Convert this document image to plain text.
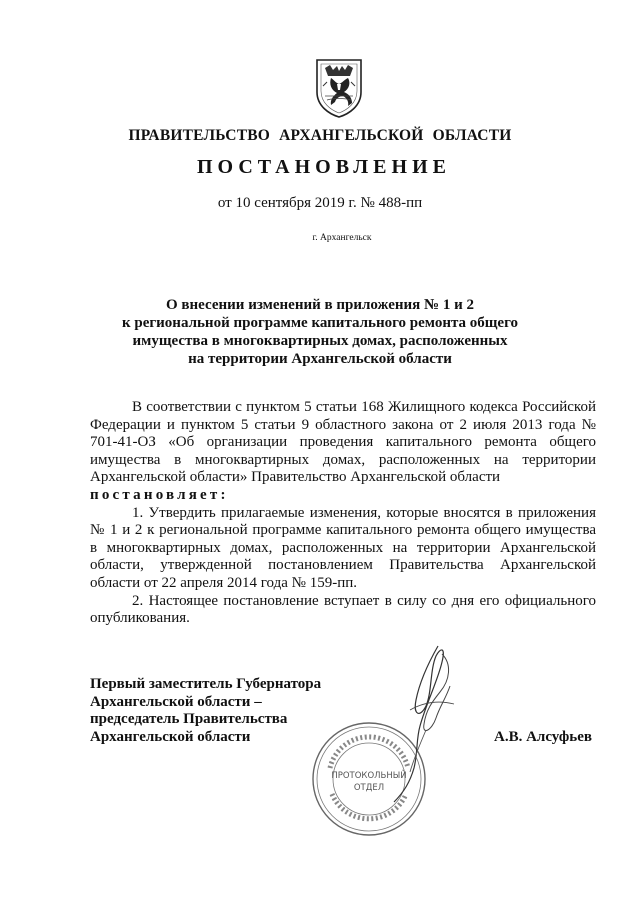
ПРАВИТЕЛЬСТВО АРХАНГЕЛЬСКОЙ ОБЛАСТИ
ПОСТАНОВЛЕНИЕ
от 10 сентября 2019 г. № 488-пп
г. Архангельск
О внесении изменений в приложения № 1 и 2
к региональной программе капитального ремонта общего
имущества в многоквартирных домах, расположенных
на территории Архангельской области

В соответствии с пунктом 5 статьи 168 Жилищного кодекса Российской Федерации и пунктом 5 статьи 9 областного закона от 2 июля 2013 года № 701-41-ОЗ «Об организации проведения капитального ремонта общего имущества в многоквартирных домах, расположенных на территории Архангельской области» Правительство Архангельской области

постановляет:

1. Утвердить прилагаемые изменения, которые вносятся в приложения № 1 и 2 к региональной программе капитального ремонта общего имущества в многоквартирных домах, расположенных на территории Архангельской области, утвержденной постановлением Правительства Архангельской области от 22 апреля 2014 года № 159-пп.

2. Настоящее постановление вступает в силу со дня его официального опубликования.

Первый заместитель Губернатора
Архангельской области –
председатель Правительства
Архангельской области	А.В. Алсуфьев
ПРОТОКОЛЬНЫЙ
ОТДЕЛ
